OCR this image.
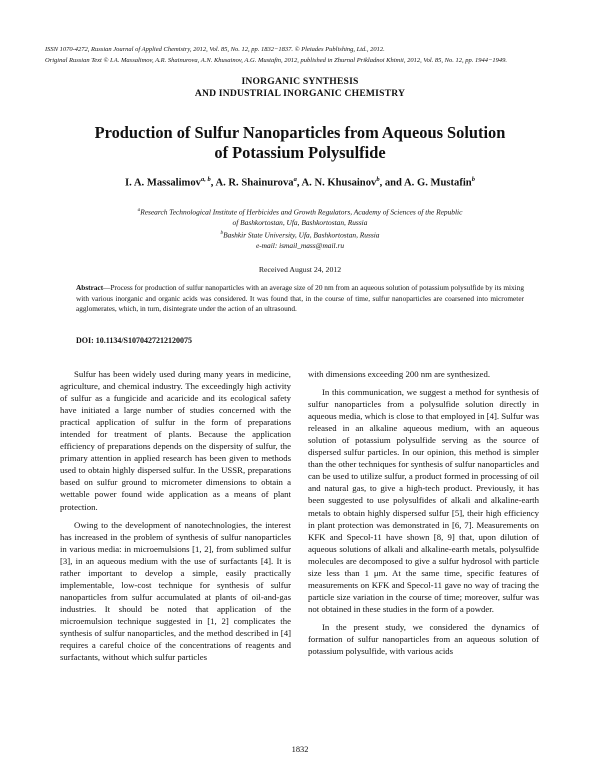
ISSN 1070-4272, Russian Journal of Applied Chemistry, 2012, Vol. 85, No. 12, pp. 1832−1837. © Pleiades Publishing, Ltd., 2012.

Original Russian Text © I.A. Massalimov, A.R. Shainurova, A.N. Khusainov, A.G. Mustafin, 2012, published in Zhurnal Prikladnoi Khimii, 2012, Vol. 85, No. 12, pp. 1944−1949.

INORGANIC SYNTHESIS
AND INDUSTRIAL INORGANIC CHEMISTRY
Production of Sulfur Nanoparticles from Aqueous Solution
of Potassium Polysulfide

I. A. Massalimov$^{a, b}$, A. R. Shainurova$^a$, A. N. Khusainov$^b$, and A. G. Mustafin$^b$

$^a$Research Technological Institute of Herbicides and Growth Regulators, Academy of Sciences of the Republic
of Bashkortostan, Ufa, Bashkortostan, Russia
$^b$Bashkir State University, Ufa, Bashkortostan, Russia
e-mail: ismail_mass@mail.ru

Received August 24, 2012

Abstract—Process for production of sulfur nanoparticles with an average size of 20 nm from an aqueous solution of potassium polysulfide by its mixing with various inorganic and organic acids was considered. It was found that, in the course of time, sulfur nanoparticles are coarsened into micrometer agglomerates, which, in turn, disintegrate under the action of an ultrasound.

DOI: 10.1134/S1070427212120075

Sulfur has been widely used during many years in medicine, agriculture, and chemical industry. The exceedingly high activity of sulfur as a fungicide and acaricide and its ecological safety have initiated a large number of studies concerned with the practical application of sulfur in the form of preparations intended for treatment of plants. Because the application efficiency of preparations depends on the dispersity of sulfur, the primary attention in applied research has been given to methods used to obtain highly dispersed sulfur. In the USSR, preparations based on sulfur ground to micrometer dimensions to obtain a wettable power found wide application as a means of plant protection.

Owing to the development of nanotechnologies, the interest has increased in the problem of synthesis of sulfur nanoparticles in various media: in microemulsions [1, 2], from sublimed sulfur [3], in an aqueous medium with the use of surfactants [4]. It is rather important to develop a simple, easily practically implementable, low-cost technique for synthesis of sulfur nanoparticles from sulfur accumulated at plants of oil-and-gas industries. It should be noted that application of the microemulsion technique suggested in [1, 2] complicates the synthesis of sulfur nanoparticles, and the method described in [4] requires a careful choice of the concentrations of reagents and surfactants, without which sulfur particles

with dimensions exceeding 200 nm are synthesized.

In this communication, we suggest a method for synthesis of sulfur nanoparticles from a polysulfide solution directly in aqueous media, which is close to that employed in [4]. Sulfur was released in an alkaline aqueous medium, with an aqueous solution of potassium polysulfide serving as the source of dispersed sulfur particles. In our opinion, this method is simpler than the other techniques for synthesis of sulfur nanoparticles and can be used to utilize sulfur, a product formed in processing of oil and natural gas, to give a high-tech product. Previously, it has been suggested to use polysulfides of alkali and alkaline-earth metals to obtain highly dispersed sulfur [5], their high efficiency in plant protection was demonstrated in [6, 7]. Measurements on KFK and Specol-11 have shown [8, 9] that, upon dilution of aqueous solutions of alkali and alkaline-earth metals, polysulfide molecules are decomposed to give a sulfur hydrosol with particle size less than 1 μm. At the same time, specific features of measurements on KFK and Specol-11 gave no way of tracing the particle size variation in the course of time; moreover, sulfur was not obtained in these studies in the form of a powder.

In the present study, we considered the dynamics of formation of sulfur nanoparticles from an aqueous solution of potassium polysulfide, with various acids

1832
